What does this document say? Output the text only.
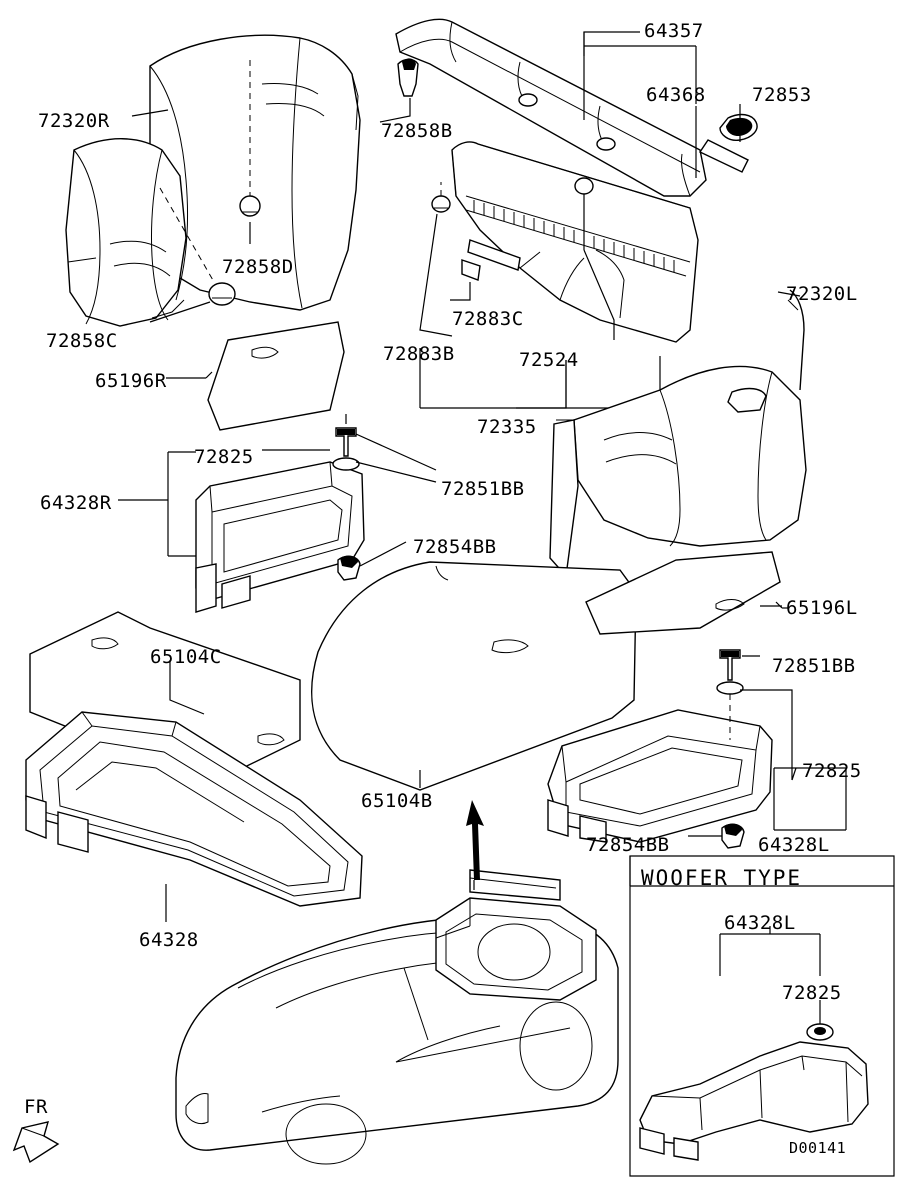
72320R
64357
64368 72853
72858B
72858D
72858C
72883C
72883B	72524
72320L
65196R
72335
72825
72851BB
64328R
72854BB
65196L
65104C	72851BB
72825
65104B
72854BB	64328L
64328
WOOFER TYPE
64328L
72825
D00141
FR
